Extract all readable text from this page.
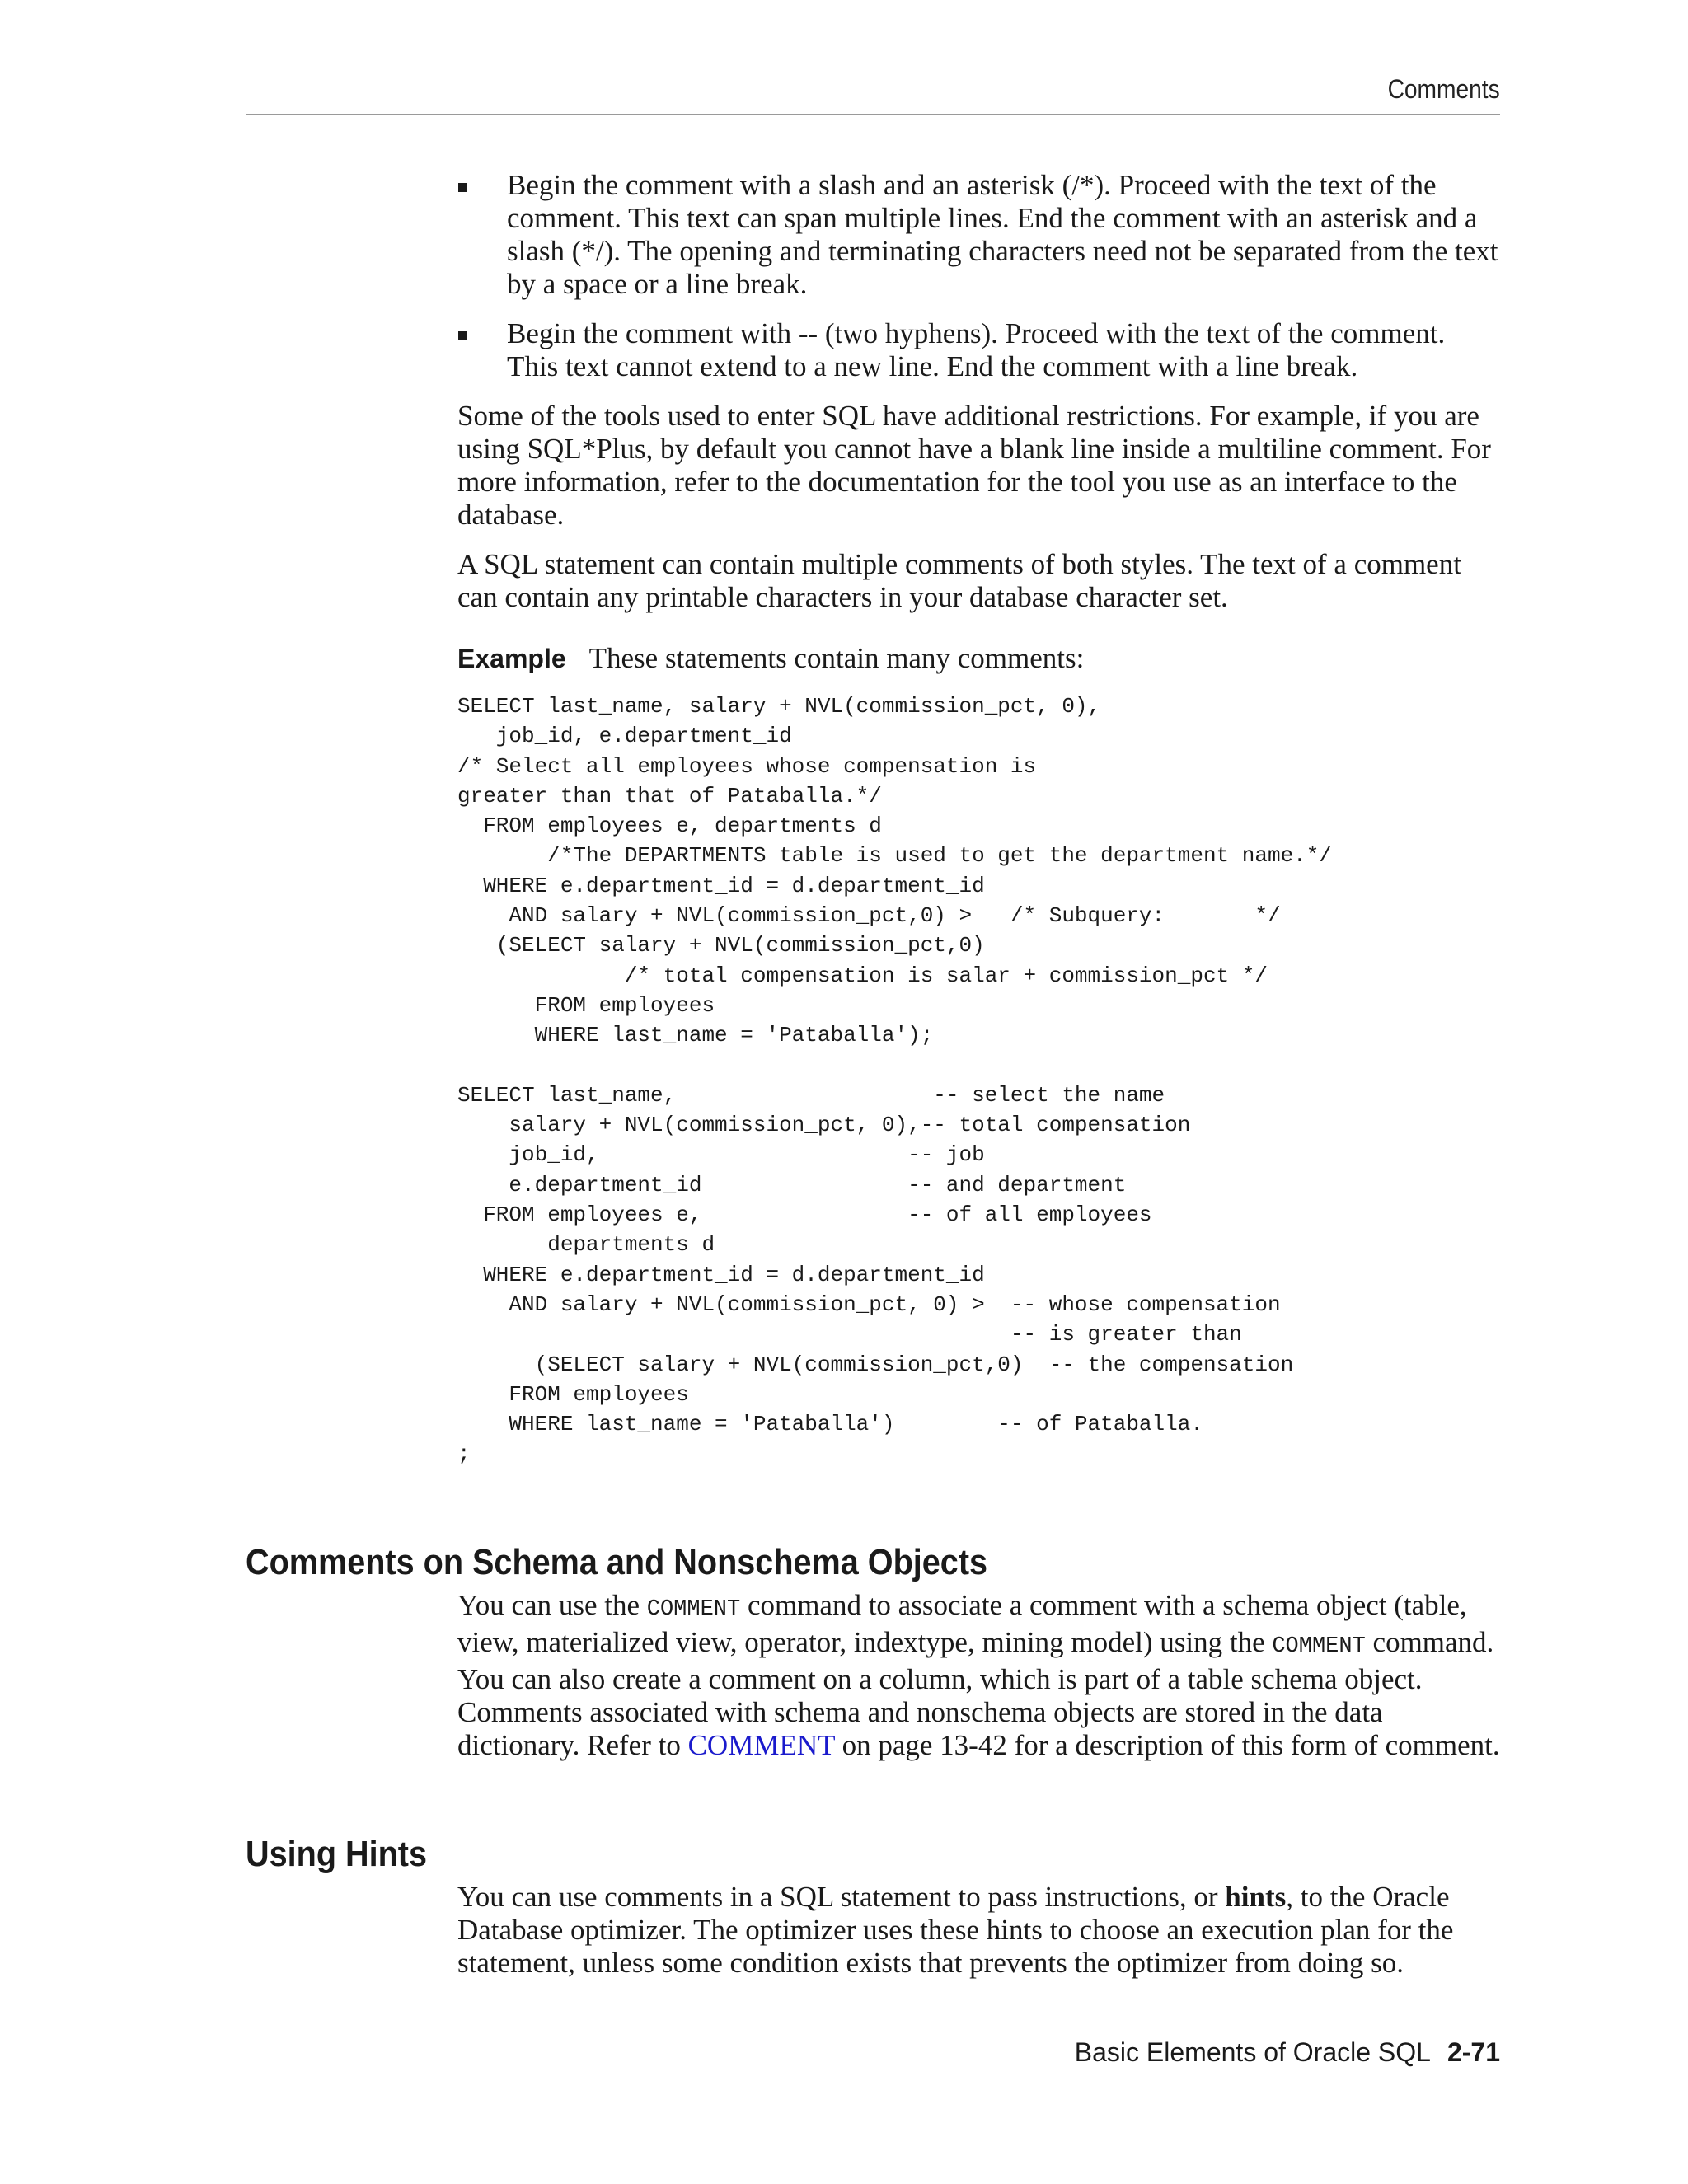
Comments
Begin the comment with a slash and an asterisk (/*). Proceed with the text of the comment. This text can span multiple lines. End the comment with an asterisk and a slash (*/). The opening and terminating characters need not be separated from the text by a space or a line break.
Begin the comment with -- (two hyphens). Proceed with the text of the comment. This text cannot extend to a new line. End the comment with a line break.

Some of the tools used to enter SQL have additional restrictions. For example, if you are using SQL*Plus, by default you cannot have a blank line inside a multiline comment. For more information, refer to the documentation for the tool you use as an interface to the database.

A SQL statement can contain multiple comments of both styles. The text of a comment can contain any printable characters in your database character set.

Example These statements contain many comments:
SELECT last_name, salary + NVL(commission_pct, 0),
job_id, e.department_id
/* Select all employees whose compensation is
greater than that of Pataballa.*/
FROM employees e, departments d
/*The DEPARTMENTS table is used to get the department name.*/
WHERE e.department_id = d.department_id
AND salary + NVL(commission_pct,0) >   /* Subquery:       */
(SELECT salary + NVL(commission_pct,0)
/* total compensation is salar + commission_pct */
FROM employees
WHERE last_name = 'Pataballa');

SELECT last_name,                    -- select the name
salary + NVL(commission_pct, 0),-- total compensation
job_id,                        -- job
e.department_id                -- and department
FROM employees e,                -- of all employees
departments d
WHERE e.department_id = d.department_id
AND salary + NVL(commission_pct, 0) >  -- whose compensation
-- is greater than
(SELECT salary + NVL(commission_pct,0)  -- the compensation
FROM employees
WHERE last_name = 'Pataballa')        -- of Pataballa.
;
Comments on Schema and Nonschema Objects

You can use the COMMENT command to associate a comment with a schema object (table, view, materialized view, operator, indextype, mining model) using the COMMENT command. You can also create a comment on a column, which is part of a table schema object. Comments associated with schema and nonschema objects are stored in the data dictionary. Refer to COMMENT on page 13-42 for a description of this form of comment.

Using Hints

You can use comments in a SQL statement to pass instructions, or hints, to the Oracle Database optimizer. The optimizer uses these hints to choose an execution plan for the statement, unless some condition exists that prevents the optimizer from doing so.

Basic Elements of Oracle SQL 2-71
